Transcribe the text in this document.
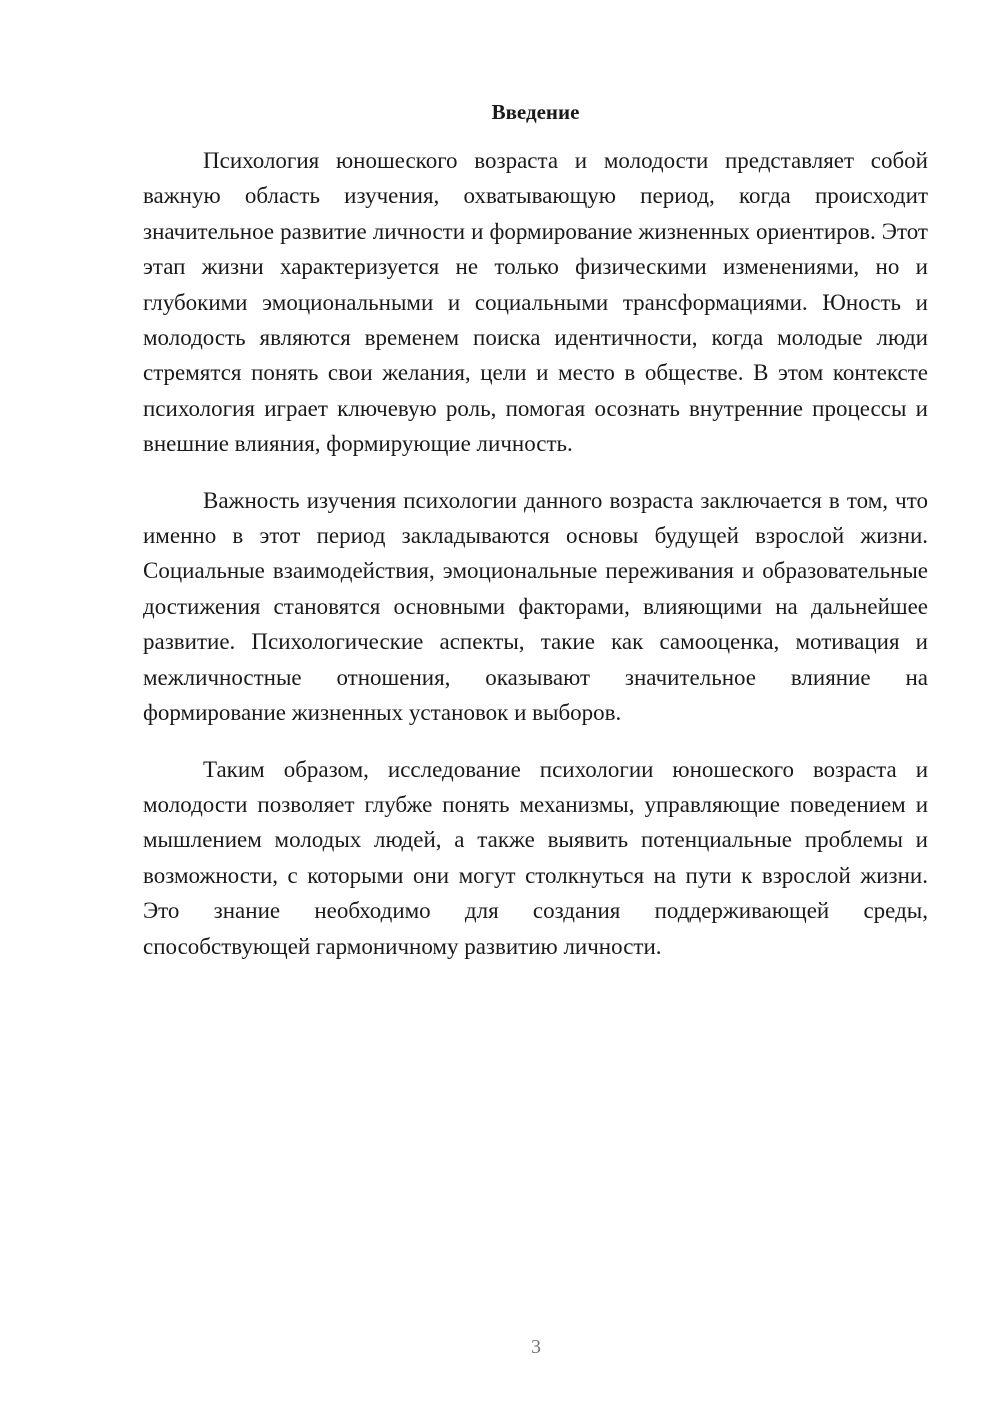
Введение

Психология юношеского возраста и молодости представляет собой важную область изучения, охватывающую период, когда происходит значительное развитие личности и формирование жизненных ориентиров. Этот этап жизни характеризуется не только физическими изменениями, но и глубокими эмоциональными и социальными трансформациями. Юность и молодость являются временем поиска идентичности, когда молодые люди стремятся понять свои желания, цели и место в обществе. В этом контексте психология играет ключевую роль, помогая осознать внутренние процессы и внешние влияния, формирующие личность.

Важность изучения психологии данного возраста заключается в том, что именно в этот период закладываются основы будущей взрослой жизни. Социальные взаимодействия, эмоциональные переживания и образовательные достижения становятся основными факторами, влияющими на дальнейшее развитие. Психологические аспекты, такие как самооценка, мотивация и межличностные отношения, оказывают значительное влияние на формирование жизненных установок и выборов.

Таким образом, исследование психологии юношеского возраста и молодости позволяет глубже понять механизмы, управляющие поведением и мышлением молодых людей, а также выявить потенциальные проблемы и возможности, с которыми они могут столкнуться на пути к взрослой жизни. Это знание необходимо для создания поддерживающей среды, способствующей гармоничному развитию личности.

3
